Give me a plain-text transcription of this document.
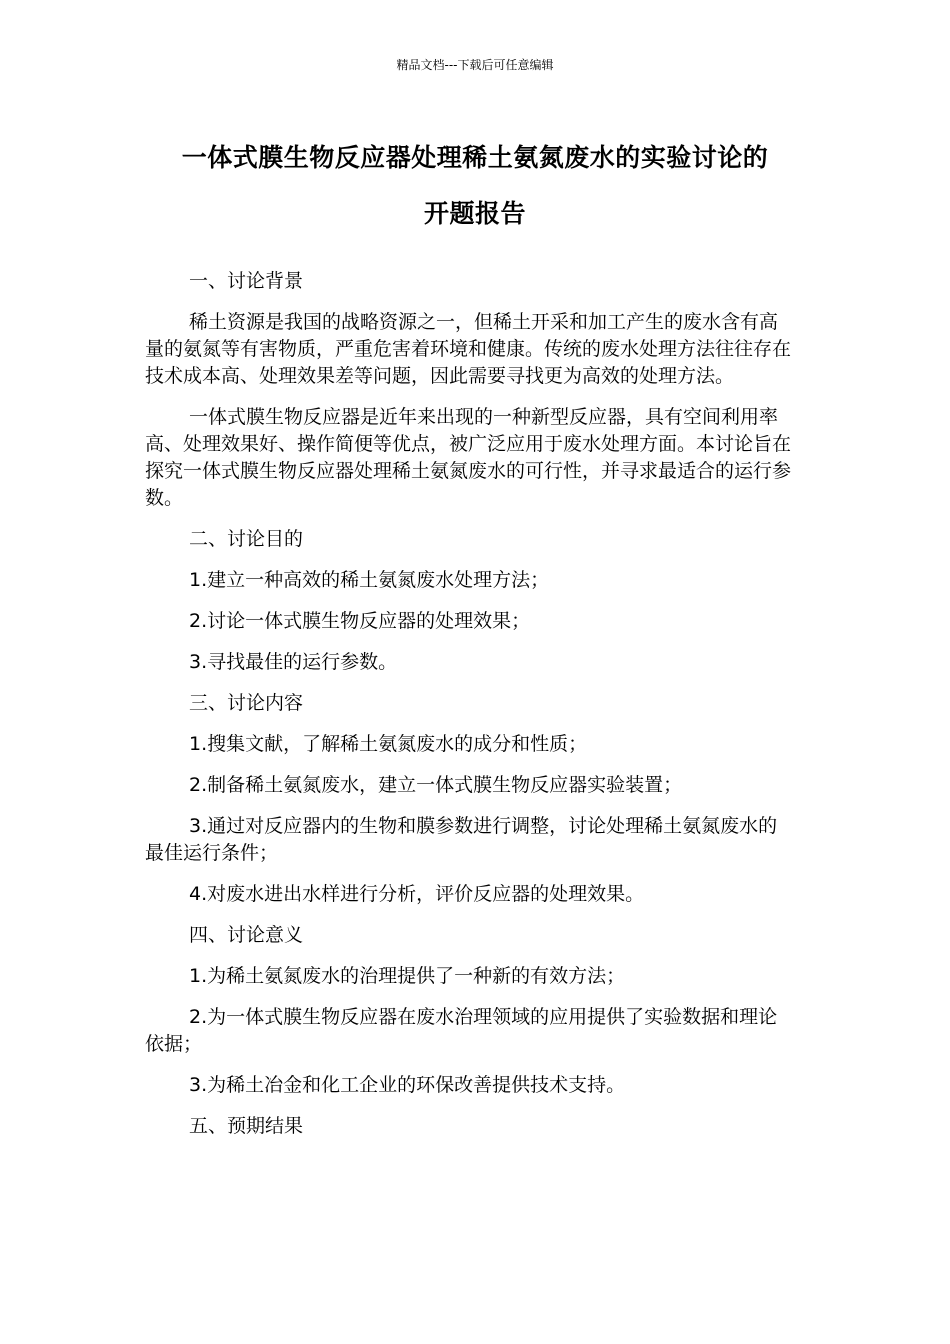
精品文档---下载后可任意编辑
一体式膜生物反应器处理稀土氨氮废水的实验讨论的
开题报告

一、讨论背景

稀土资源是我国的战略资源之一，但稀土开采和加工产生的废水含有高量的氨氮等有害物质，严重危害着环境和健康。传统的废水处理方法往往存在技术成本高、处理效果差等问题，因此需要寻找更为高效的处理方法。

一体式膜生物反应器是近年来出现的一种新型反应器，具有空间利用率高、处理效果好、操作简便等优点，被广泛应用于废水处理方面。本讨论旨在探究一体式膜生物反应器处理稀土氨氮废水的可行性，并寻求最适合的运行参数。

二、讨论目的

1.建立一种高效的稀土氨氮废水处理方法；

2.讨论一体式膜生物反应器的处理效果；

3.寻找最佳的运行参数。

三、讨论内容

1.搜集文献，了解稀土氨氮废水的成分和性质；

2.制备稀土氨氮废水，建立一体式膜生物反应器实验装置；

3.通过对反应器内的生物和膜参数进行调整，讨论处理稀土氨氮废水的最佳运行条件；

4.对废水进出水样进行分析，评价反应器的处理效果。

四、讨论意义

1.为稀土氨氮废水的治理提供了一种新的有效方法；

2.为一体式膜生物反应器在废水治理领域的应用提供了实验数据和理论依据；

3.为稀土冶金和化工企业的环保改善提供技术支持。

五、预期结果
